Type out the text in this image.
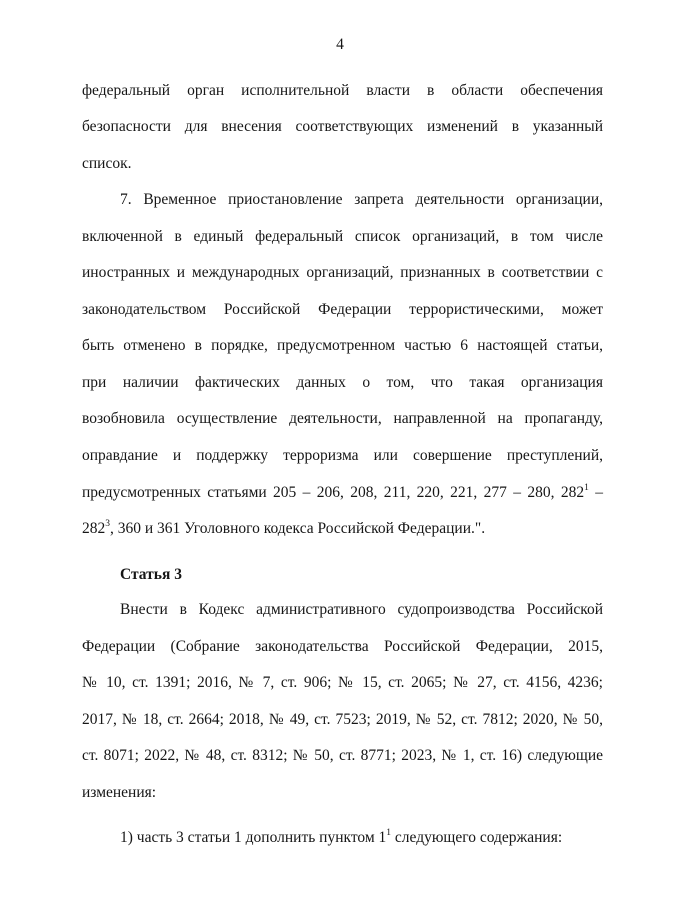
4
федеральный орган исполнительной власти в области обеспечения
безопасности для внесения соответствующих изменений в указанный
список.
7. Временное приостановление запрета деятельности организации,
включенной в единый федеральный список организаций, в том числе
иностранных и международных организаций, признанных в соответствии с
законодательством Российской Федерации террористическими, может
быть отменено в порядке, предусмотренном частью 6 настоящей статьи,
при наличии фактических данных о том, что такая организация
возобновила осуществление деятельности, направленной на пропаганду,
оправдание и поддержку терроризма или совершение преступлений,
предусмотренных статьями 205 – 206, 208, 211, 220, 221, 277 – 280, $282^1$ –
$282^3$, 360 и 361 Уголовного кодекса Российской Федерации.".
Статья 3
Внести в Кодекс административного судопроизводства Российской
Федерации (Собрание законодательства Российской Федерации, 2015,
№ 10, ст. 1391; 2016, № 7, ст. 906; № 15, ст. 2065; № 27, ст. 4156, 4236;
2017, № 18, ст. 2664; 2018, № 49, ст. 7523; 2019, № 52, ст. 7812; 2020, № 50,
ст. 8071; 2022, № 48, ст. 8312; № 50, ст. 8771; 2023, № 1, ст. 16) следующие
изменения:
1) часть 3 статьи 1 дополнить пунктом $1^1$ следующего содержания:
